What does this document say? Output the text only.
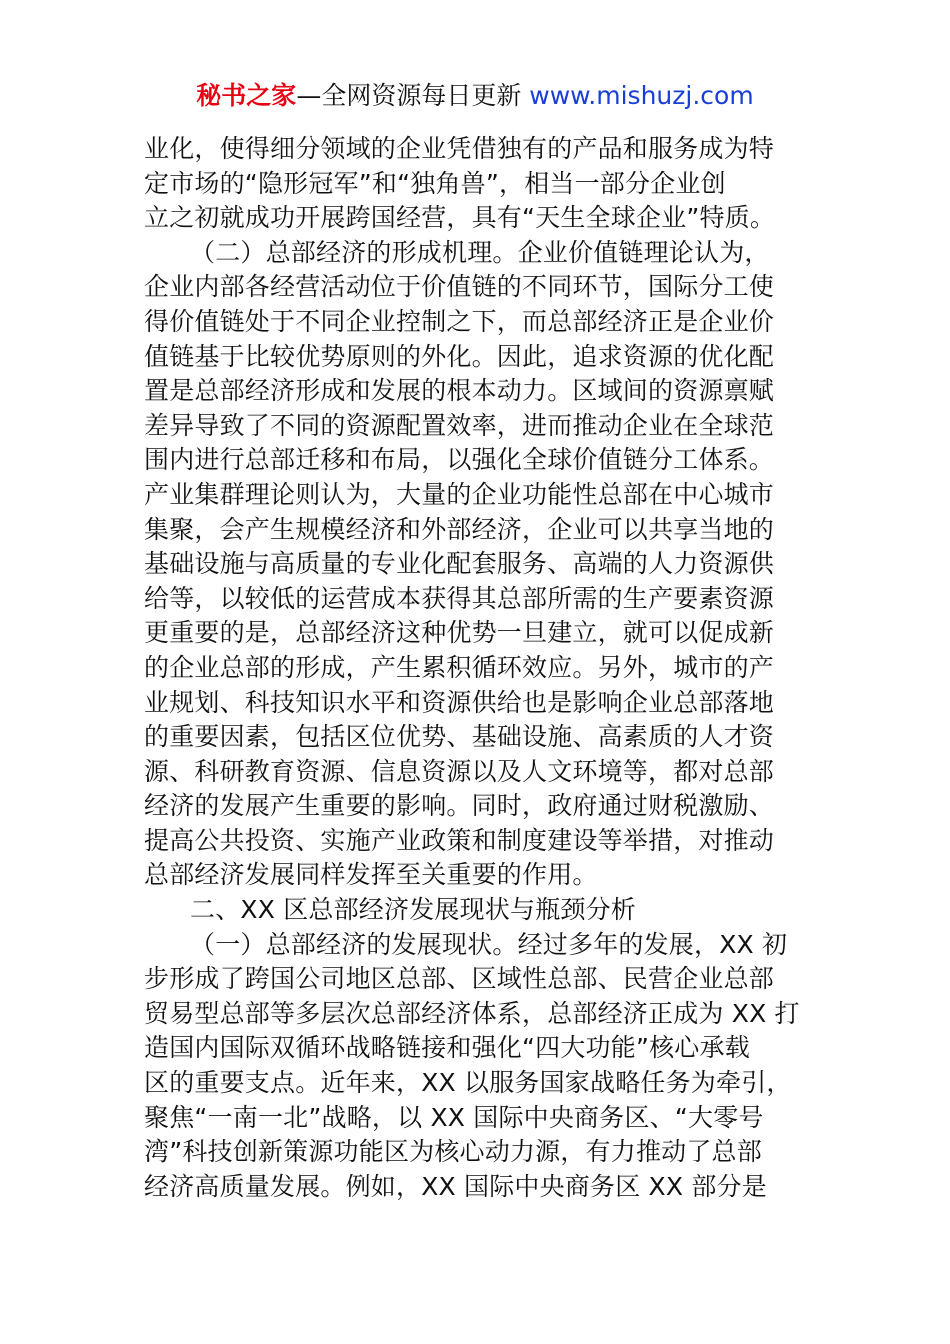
秘书之家—全网资源每日更新 www.mishuzj.com
业化，使得细分领域的企业凭借独有的产品和服务成为特
定市场的“隐形冠军”和“独角兽”，相当一部分企业创
立之初就成功开展跨国经营，具有“天生全球企业”特质。
（二）总部经济的形成机理。企业价值链理论认为，
企业内部各经营活动位于价值链的不同环节，国际分工使
得价值链处于不同企业控制之下，而总部经济正是企业价
值链基于比较优势原则的外化。因此，追求资源的优化配
置是总部经济形成和发展的根本动力。区域间的资源禀赋
差异导致了不同的资源配置效率，进而推动企业在全球范
围内进行总部迁移和布局，以强化全球价值链分工体系。
产业集群理论则认为，大量的企业功能性总部在中心城市
集聚，会产生规模经济和外部经济，企业可以共享当地的
基础设施与高质量的专业化配套服务、高端的人力资源供
给等，以较低的运营成本获得其总部所需的生产要素资源
更重要的是，总部经济这种优势一旦建立，就可以促成新
的企业总部的形成，产生累积循环效应。另外，城市的产
业规划、科技知识水平和资源供给也是影响企业总部落地
的重要因素，包括区位优势、基础设施、高素质的人才资
源、科研教育资源、信息资源以及人文环境等，都对总部
经济的发展产生重要的影响。同时，政府通过财税激励、
提高公共投资、实施产业政策和制度建设等举措，对推动
总部经济发展同样发挥至关重要的作用。
二、XX 区总部经济发展现状与瓶颈分析
（一）总部经济的发展现状。经过多年的发展，XX 初
步形成了跨国公司地区总部、区域性总部、民营企业总部
贸易型总部等多层次总部经济体系，总部经济正成为 XX 打
造国内国际双循环战略链接和强化“四大功能”核心承载
区的重要支点。近年来，XX 以服务国家战略任务为牵引，
聚焦“一南一北”战略，以 XX 国际中央商务区、“大零号
湾”科技创新策源功能区为核心动力源，有力推动了总部
经济高质量发展。例如，XX 国际中央商务区 XX 部分是
